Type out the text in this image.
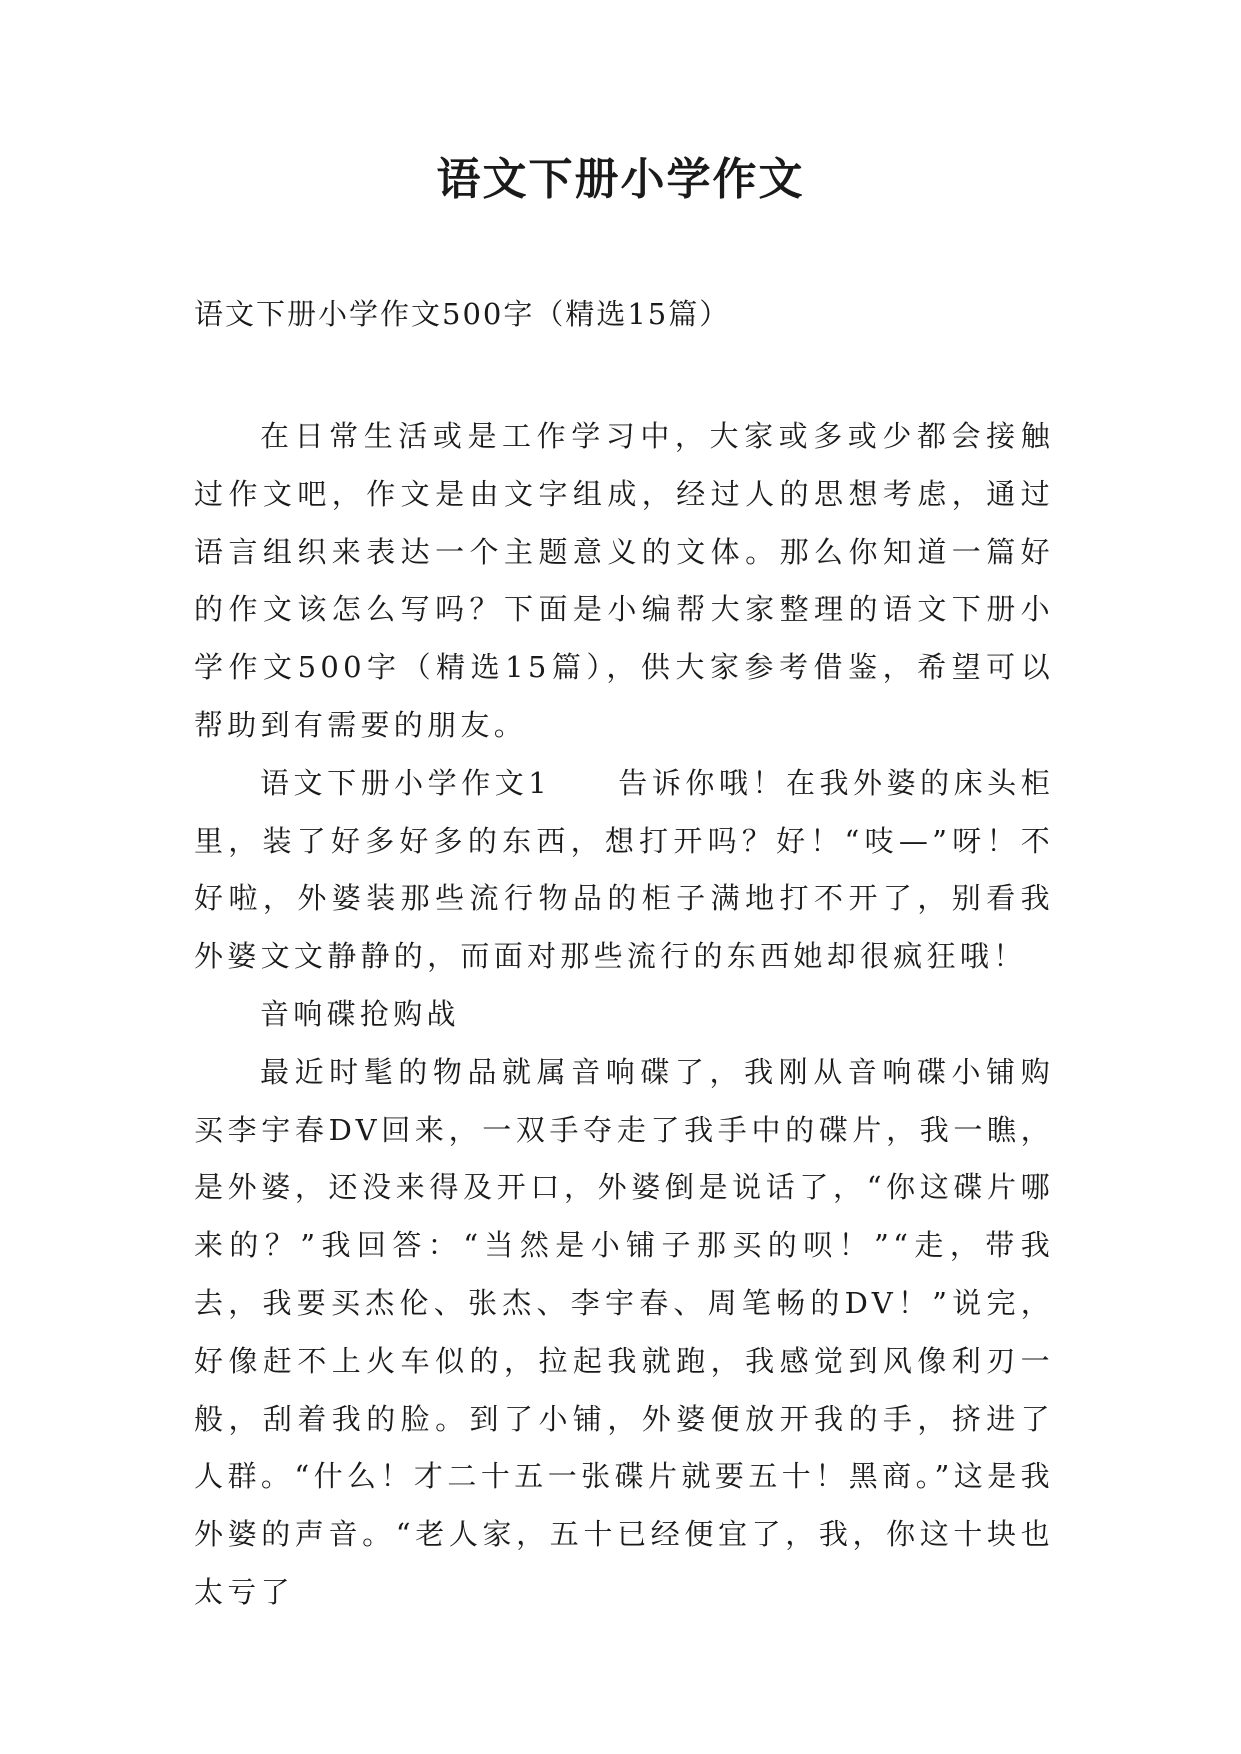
语文下册小学作文
语文下册小学作文500字（精选15篇）

在日常生活或是工作学习中，大家或多或少都会接触过作文吧，作文是由文字组成，经过人的思想考虑，通过语言组织来表达一个主题意义的文体。那么你知道一篇好的作文该怎么写吗？下面是小编帮大家整理的语文下册小学作文500字（精选15篇），供大家参考借鉴，希望可以帮助到有需要的朋友。

语文下册小学作文1　　告诉你哦！在我外婆的床头柜里，装了好多好多的东西，想打开吗？好！“吱—”呀！不好啦，外婆装那些流行物品的柜子满地打不开了，别看我外婆文文静静的，而面对那些流行的东西她却很疯狂哦！

音响碟抢购战

最近时髦的物品就属音响碟了，我刚从音响碟小铺购买李宇春DV回来，一双手夺走了我手中的碟片，我一瞧，是外婆，还没来得及开口，外婆倒是说话了，“你这碟片哪来的？”我回答：“当然是小铺子那买的呗！”“走，带我去，我要买杰伦、张杰、李宇春、周笔畅的DV！”说完，好像赶不上火车似的，拉起我就跑，我感觉到风像利刃一般，刮着我的脸。到了小铺，外婆便放开我的手，挤进了人群。“什么！才二十五一张碟片就要五十！黑商。”这是我外婆的声音。“老人家，五十已经便宜了，我，你这十块也太亏了
